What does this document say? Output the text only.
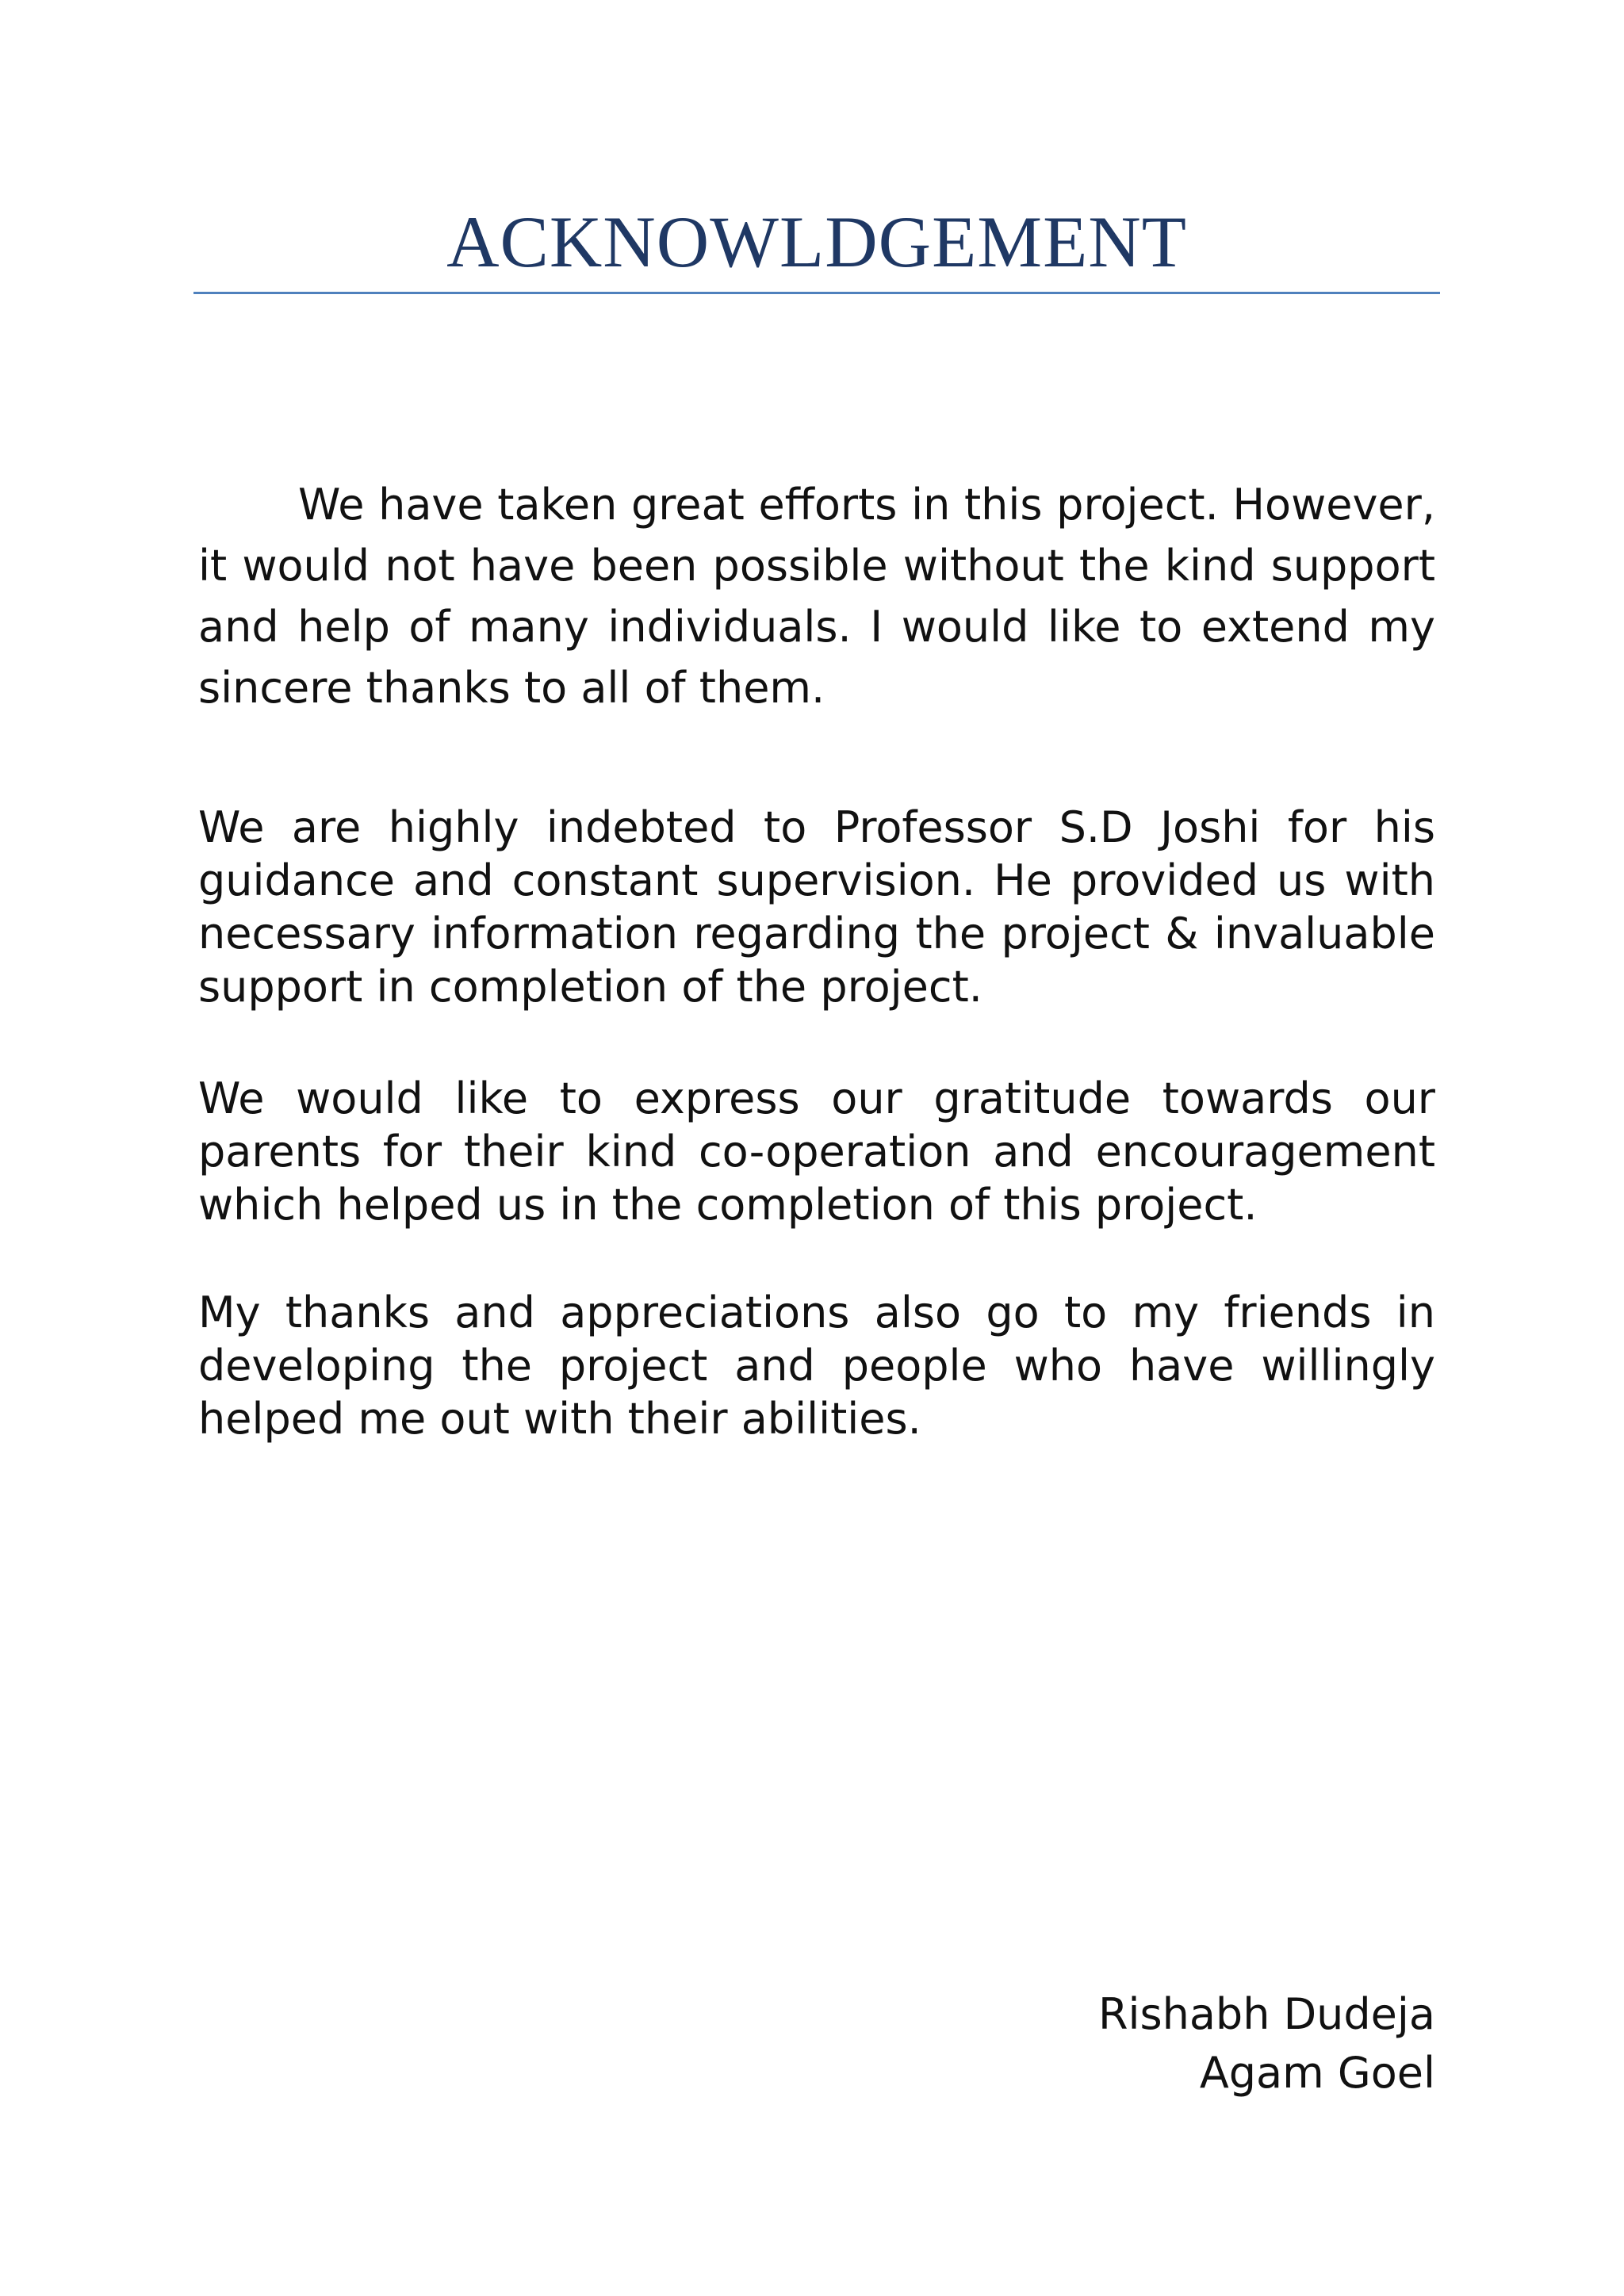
ACKNOWLDGEMENT

We have taken great efforts in this project. However, it would not have been possible without the kind support and help of many individuals. I would like to extend my sincere thanks to all of them.

We are highly indebted to Professor S.D Joshi for his guidance and constant supervision. He provided us with necessary information regarding the project & invaluable support in completion of the project.

We would like to express our gratitude towards our parents for their kind co-operation and encouragement which helped us in the completion of this project.

My thanks and appreciations also go to my friends in developing the project and people who have willingly helped me out with their abilities.

Rishabh Dudeja
Agam Goel
